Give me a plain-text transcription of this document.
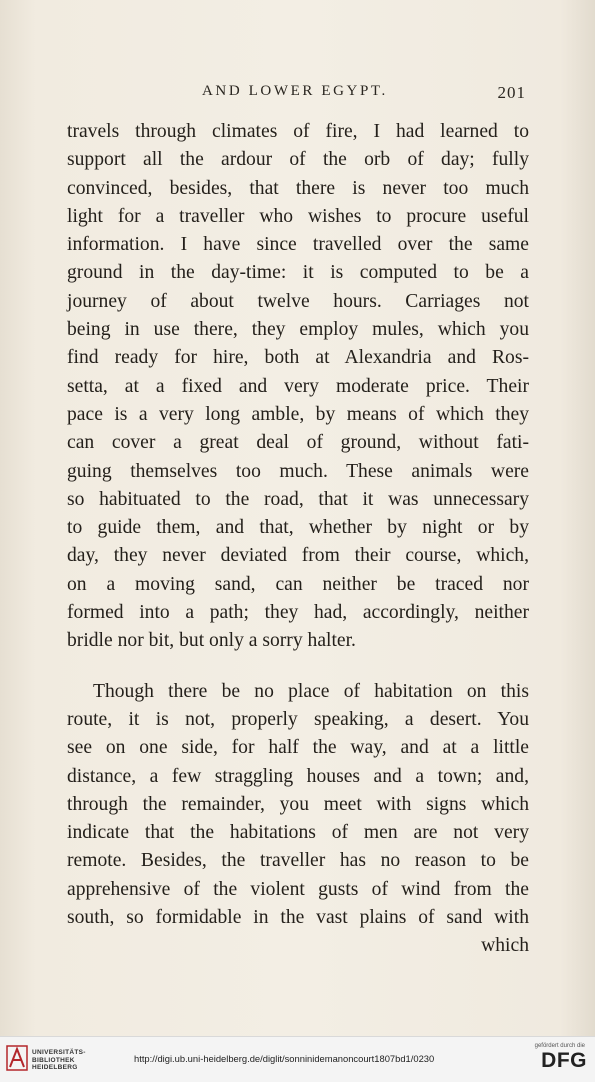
AND LOWER EGYPT.	201
travels through climates of fire, I had learned to
support all the ardour of the orb of day; fully
convinced, besides, that there is never too much
light for a traveller who wishes to procure useful
information. I have since travelled over the same
ground in the day-time: it is computed to be a
journey of about twelve hours. Carriages not
being in use there, they employ mules, which you
find ready for hire, both at Alexandria and Ros-
setta, at a fixed and very moderate price. Their
pace is a very long amble, by means of which they
can cover a great deal of ground, without fati-
guing themselves too much. These animals were
so habituated to the road, that it was unnecessary
to guide them, and that, whether by night or by
day, they never deviated from their course, which,
on a moving sand, can neither be traced nor
formed into a path; they had, accordingly, neither
bridle nor bit, but only a sorry halter.
Though there be no place of habitation on this
route, it is not, properly speaking, a desert. You
see on one side, for half the way, and at a little
distance, a few straggling houses and a town; and,
through the remainder, you meet with signs which
indicate that the habitations of men are not very
remote. Besides, the traveller has no reason to be
apprehensive of the violent gusts of wind from the
south, so formidable in the vast plains of sand with
which
UNIVERSITÄTS-
BIBLIOTHEK
HEIDELBERG
http://digi.ub.uni-heidelberg.de/diglit/sonninidemanoncourt1807bd1/0230
gefördert durch die
DFG
